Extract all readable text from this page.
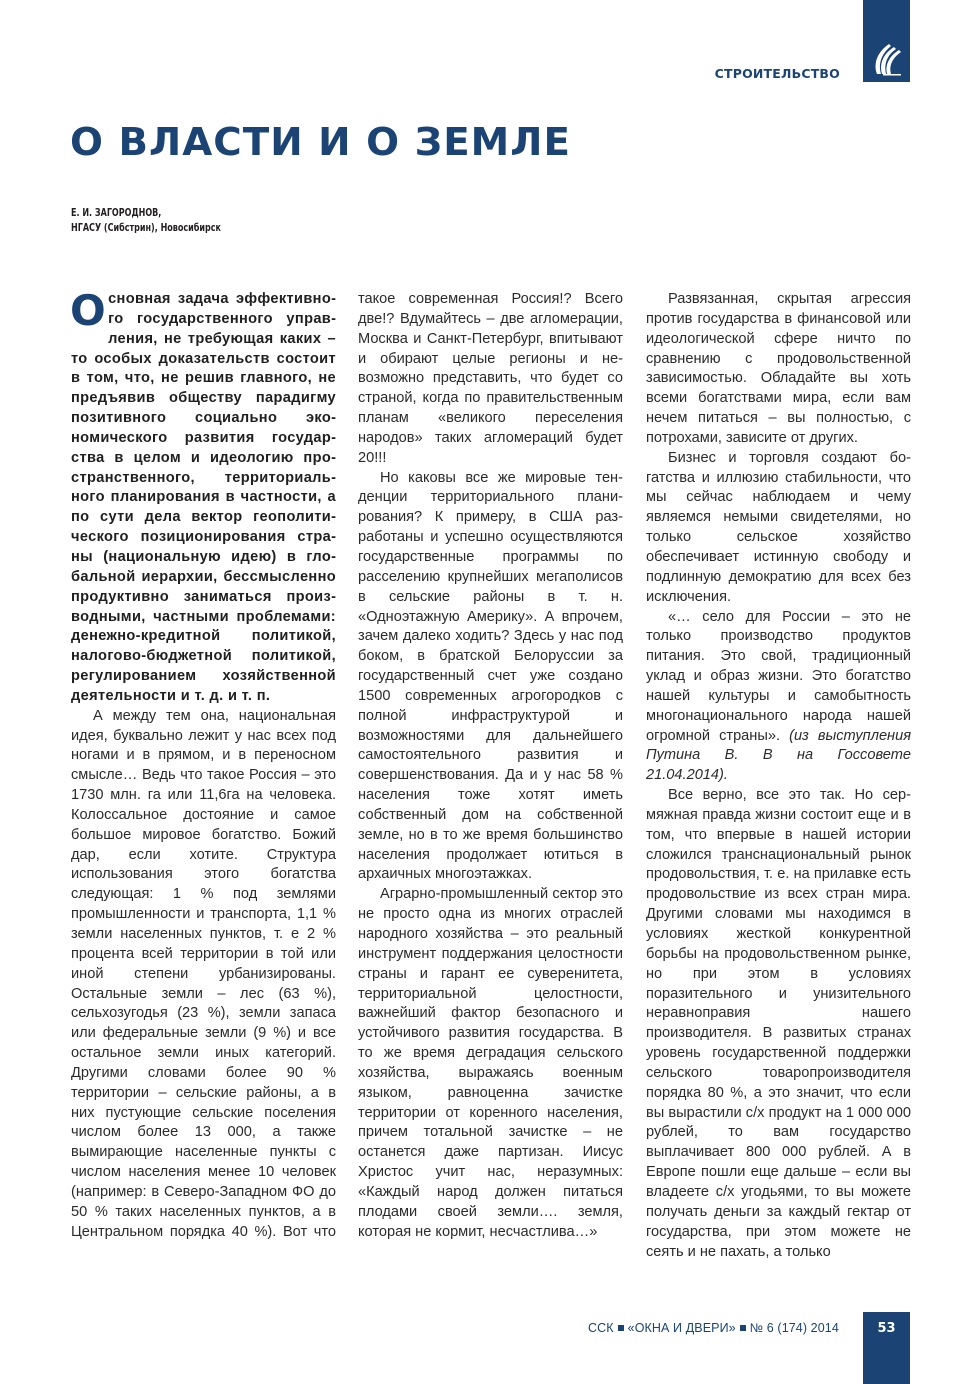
СТРОИТЕЛЬСТВО
О ВЛАСТИ И О ЗЕМЛЕ
Е. И. ЗАГОРОДНОВ,
НГАСУ (Сибстрин), Новосибирск

Основная задача эффективного государственного управления, не требующая каких – то особых доказательств состоит в том, что, не решив главного, не предъявив обществу парадигму позитивного социально экономического развития государства в целом и идеологию пространственного, территориального планирования в частности, а по сути дела вектор геополитического позиционирования страны (национальную идею) в глобальной иерархии, бессмысленно продуктивно заниматься производными, частными проблемами: денежно-кредитной политикой, налогово-бюджетной политикой, регулированием хозяйственной деятельности и т. д. и т. п.

А между тем она, национальная идея, буквально лежит у нас всех под ногами и в прямом, и в переносном смысле… Ведь что такое Россия – это 1730 млн. га или 11,6га на человека. Колоссальное достояние и самое большое мировое богатство. Божий дар, если хотите. Структура использования этого богатства следующая: 1 % под землями промышленности и транспорта, 1,1 % земли населенных пунктов, т. е 2 % процента всей территории в той или иной степени урбанизированы. Остальные земли – лес (63 %), сельхозугодья (23 %), земли запаса или федеральные земли (9 %) и все остальное земли иных категорий. Другими словами более 90 % территории – сельские районы, а в них пустующие сельские поселения числом более 13 000, а также вымирающие населенные пункты с числом населения менее 10 человек (например: в Северо-Западном ФО до 50 % таких населенных пунктов, а в Центральном порядка 40 %). Вот что

такое современная Россия!? Всего две!? Вдумайтесь – две агломерации, Москва и Санкт-Петербург, впитывают и обирают целые регионы и невозможно представить, что будет со страной, когда по правительственным планам «великого переселения народов» таких агломераций будет 20!!!

Но каковы все же мировые тенденции территориального планирования? К примеру, в США разработаны и успешно осуществляются государственные программы по расселению крупнейших мегаполисов в сельские районы в т. н. «Одноэтажную Америку». А впрочем, зачем далеко ходить? Здесь у нас под боком, в братской Белоруссии за государственный счет уже создано 1500 современных агрогородков с полной инфраструктурой и возможностями для дальнейшего самостоятельного развития и совершенствования. Да и у нас 58 % населения тоже хотят иметь собственный дом на собственной земле, но в то же время большинство населения продолжает ютиться в архаичных многоэтажках.

Аграрно-промышленный сектор это не просто одна из многих отраслей народного хозяйства – это реальный инструмент поддержания целостности страны и гарант ее суверенитета, территориальной целостности, важнейший фактор безопасного и устойчивого развития государства. В то же время деградация сельского хозяйства, выражаясь военным языком, равноценна зачистке территории от коренного населения, причем тотальной зачистке – не останется даже партизан. Иисус Христос учит нас, неразумных: «Каждый народ должен питаться плодами своей земли…. земля, которая не кормит, несчастлива…»

Развязанная, скрытая агрессия против государства в финансовой или идеологической сфере ничто по сравнению с продовольственной зависимостью. Обладайте вы хоть всеми богатствами мира, если вам нечем питаться – вы полностью, с потрохами, зависите от других.

Бизнес и торговля создают богатства и иллюзию стабильности, что мы сейчас наблюдаем и чему являемся немыми свидетелями, но только сельское хозяйство обеспечивает истинную свободу и подлинную демократию для всех без исключения.

«… село для России – это не только производство продуктов питания. Это свой, традиционный уклад и образ жизни. Это богатство нашей культуры и самобытность многонационального народа нашей огромной страны». (из выступления Путина В. В на Госсовете 21.04.2014).

Все верно, все это так. Но сермяжная правда жизни состоит еще и в том, что впервые в нашей истории сложился транснациональный рынок продовольствия, т. е. на прилавке есть продовольствие из всех стран мира. Другими словами мы находимся в условиях жесткой конкурентной борьбы на продовольственном рынке, но при этом в условиях поразительного и унизительного неравноправия нашего производителя. В развитых странах уровень государственной поддержки сельского товаропроизводителя порядка 80 %, а это значит, что если вы вырастили с/х продукт на 1 000 000 рублей, то вам государство выплачивает 800 000 рублей. А в Европе пошли еще дальше – если вы владеете с/х угодьями, то вы можете получать деньги за каждый гектар от государства, при этом можете не сеять и не пахать, а только

ССК «ОКНА И ДВЕРИ» № 6 (174) 2014	53
